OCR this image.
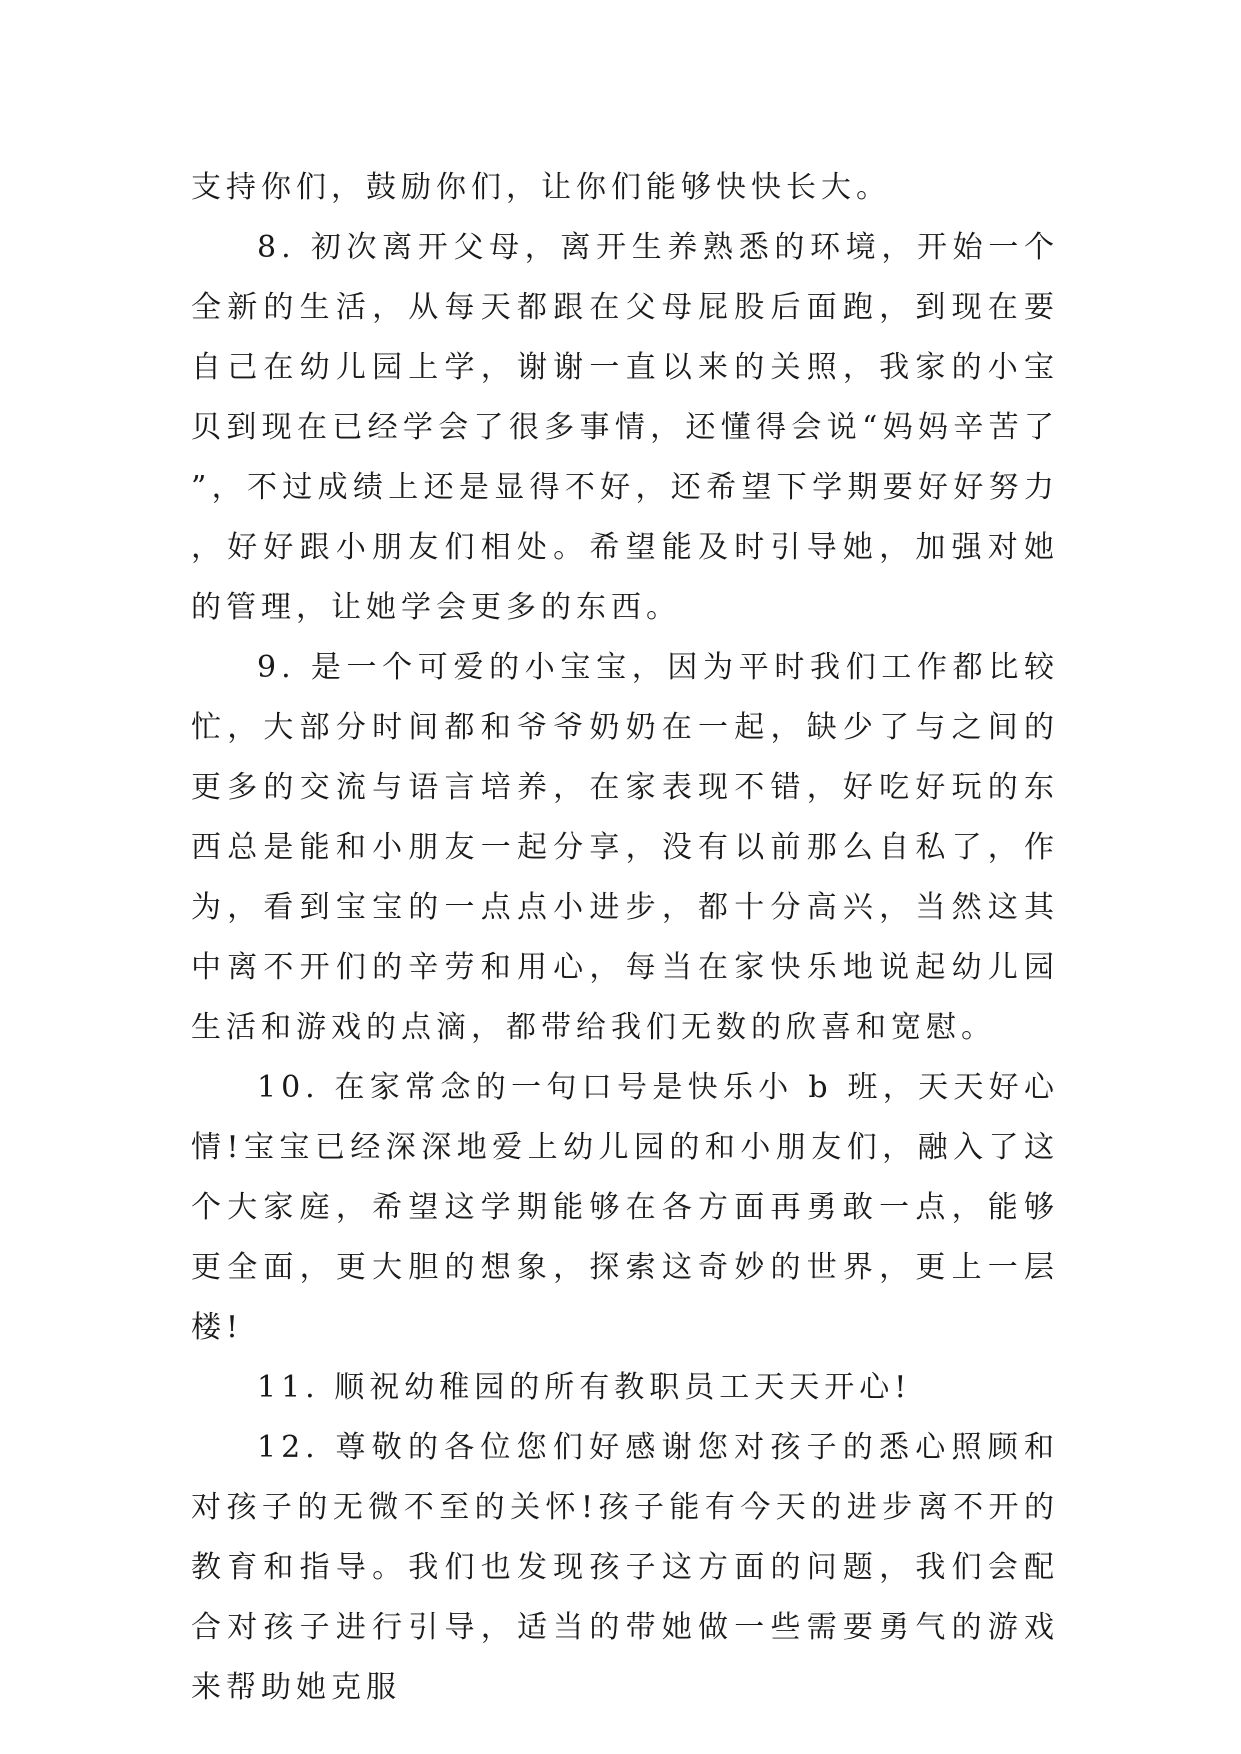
支持你们，鼓励你们，让你们能够快快长大。

8. 初次离开父母，离开生养熟悉的环境，开始一个全新的生活，从每天都跟在父母屁股后面跑，到现在要自己在幼儿园上学，谢谢一直以来的关照，我家的小宝贝到现在已经学会了很多事情，还懂得会说“妈妈辛苦了”，不过成绩上还是显得不好，还希望下学期要好好努力，好好跟小朋友们相处。希望能及时引导她，加强对她的管理，让她学会更多的东西。

9. 是一个可爱的小宝宝，因为平时我们工作都比较忙，大部分时间都和爷爷奶奶在一起，缺少了与之间的更多的交流与语言培养，在家表现不错，好吃好玩的东西总是能和小朋友一起分享，没有以前那么自私了，作为，看到宝宝的一点点小进步，都十分高兴，当然这其中离不开们的辛劳和用心，每当在家快乐地说起幼儿园生活和游戏的点滴，都带给我们无数的欣喜和宽慰。

10. 在家常念的一句口号是快乐小 b 班，天天好心情!宝宝已经深深地爱上幼儿园的和小朋友们，融入了这个大家庭，希望这学期能够在各方面再勇敢一点，能够更全面，更大胆的想象，探索这奇妙的世界，更上一层楼!

11. 顺祝幼稚园的所有教职员工天天开心!

12. 尊敬的各位您们好感谢您对孩子的悉心照顾和对孩子的无微不至的关怀!孩子能有今天的进步离不开的教育和指导。我们也发现孩子这方面的问题，我们会配合对孩子进行引导，适当的带她做一些需要勇气的游戏来帮助她克服
